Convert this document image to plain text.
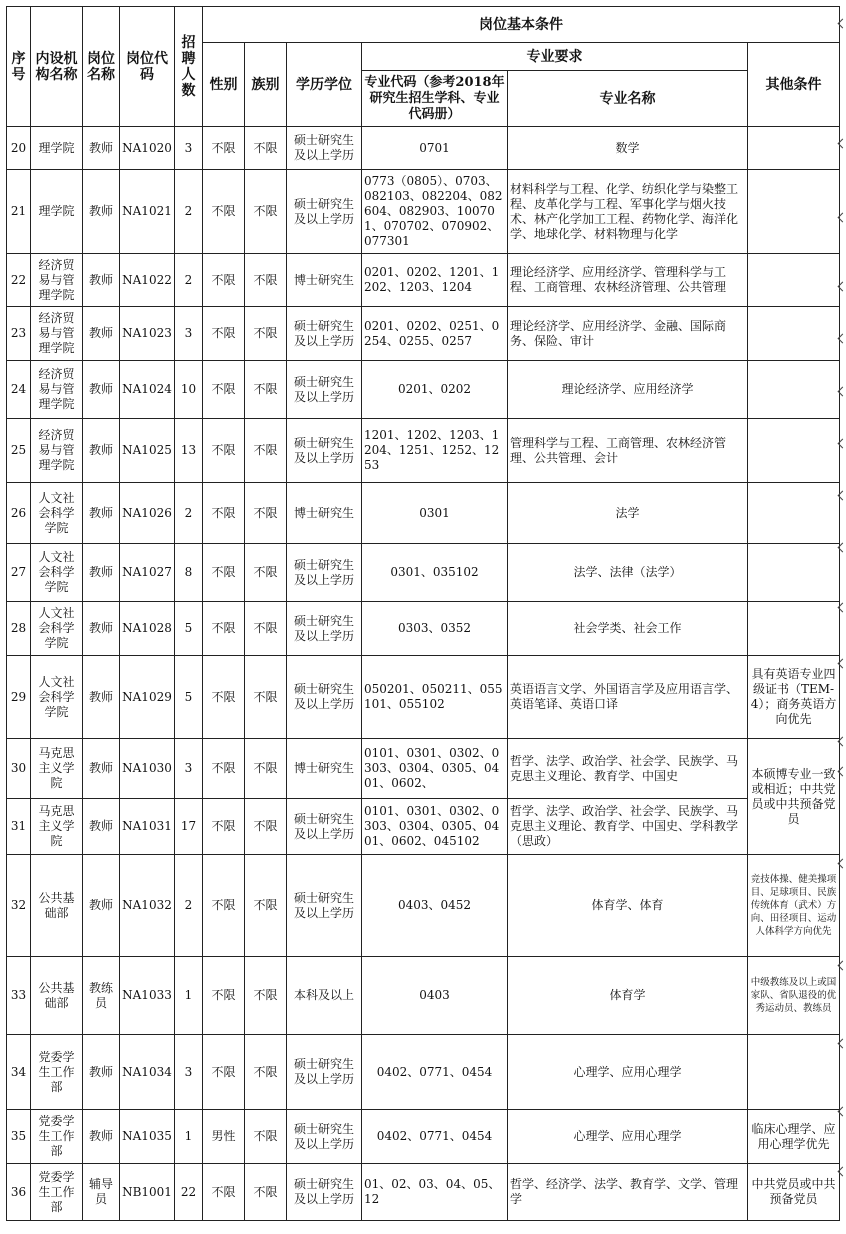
序号	内设机构名称	岗位名称	岗位代码	招聘人数	岗位基本条件					
					性别	族别	学历学位	专业要求		其他条件
								专业代码（参考2018年研究生招生学科、专业代码册）	专业名称	
20	理学院	教师	NA1020	3	不限	不限	硕士研究生及以上学历	0701	数学	
21	理学院	教师	NA1021	2	不限	不限	硕士研究生及以上学历	0773（0805）、0703、082103、082204、082604、082903、100701、070702、070902、077301	材料科学与工程、化学、纺织化学与染整工程、皮革化学与工程、军事化学与烟火技术、林产化学加工工程、药物化学、海洋化学、地球化学、材料物理与化学	
22	经济贸易与管理学院	教师	NA1022	2	不限	不限	博士研究生	0201、0202、1201、1202、1203、1204	理论经济学、应用经济学、管理科学与工程、工商管理、农林经济管理、公共管理	
23	经济贸易与管理学院	教师	NA1023	3	不限	不限	硕士研究生及以上学历	0201、0202、0251、0254、0255、0257	理论经济学、应用经济学、金融、国际商务、保险、审计	
24	经济贸易与管理学院	教师	NA1024	10	不限	不限	硕士研究生及以上学历	0201、0202	理论经济学、应用经济学	
25	经济贸易与管理学院	教师	NA1025	13	不限	不限	硕士研究生及以上学历	1201、1202、1203、1204、1251、1252、1253	管理科学与工程、工商管理、农林经济管理、公共管理、会计	
26	人文社会科学学院	教师	NA1026	2	不限	不限	博士研究生	0301	法学	
27	人文社会科学学院	教师	NA1027	8	不限	不限	硕士研究生及以上学历	0301、035102	法学、法律（法学）	
28	人文社会科学学院	教师	NA1028	5	不限	不限	硕士研究生及以上学历	0303、0352	社会学类、社会工作	
29	人文社会科学学院	教师	NA1029	5	不限	不限	硕士研究生及以上学历	050201、050211、055101、055102	英语语言文学、外国语言学及应用语言学、英语笔译、英语口译	具有英语专业四级证书（TEM-4）；商务英语方向优先
30	马克思主义学院	教师	NA1030	3	不限	不限	博士研究生	0101、0301、0302、0303、0304、0305、0401、0602、	哲学、法学、政治学、社会学、民族学、马克思主义理论、教育学、中国史	本硕博专业一致或相近；中共党员或中共预备党员
31	马克思主义学院	教师	NA1031	17	不限	不限	硕士研究生及以上学历	0101、0301、0302、0303、0304、0305、0401、0602、045102	哲学、法学、政治学、社会学、民族学、马克思主义理论、教育学、中国史、学科教学（思政）	
32	公共基础部	教师	NA1032	2	不限	不限	硕士研究生及以上学历	0403、0452	体育学、体育	竞技体操、健美操项目、足球项目、民族传统体育（武术）方向、田径项目、运动人体科学方向优先
33	公共基础部	教练员	NA1033	1	不限	不限	本科及以上	0403	体育学	中级教练及以上或国家队、省队退役的优秀运动员、教练员
34	党委学生工作部	教师	NA1034	3	不限	不限	硕士研究生及以上学历	0402、0771、0454	心理学、应用心理学	
35	党委学生工作部	教师	NA1035	1	男性	不限	硕士研究生及以上学历	0402、0771、0454	心理学、应用心理学	临床心理学、应用心理学优先
36	党委学生工作部	辅导员	NB1001	22	不限	不限	硕士研究生及以上学历	01、02、03、04、05、12	哲学、经济学、法学、教育学、文学、管理学	中共党员或中共预备党员
